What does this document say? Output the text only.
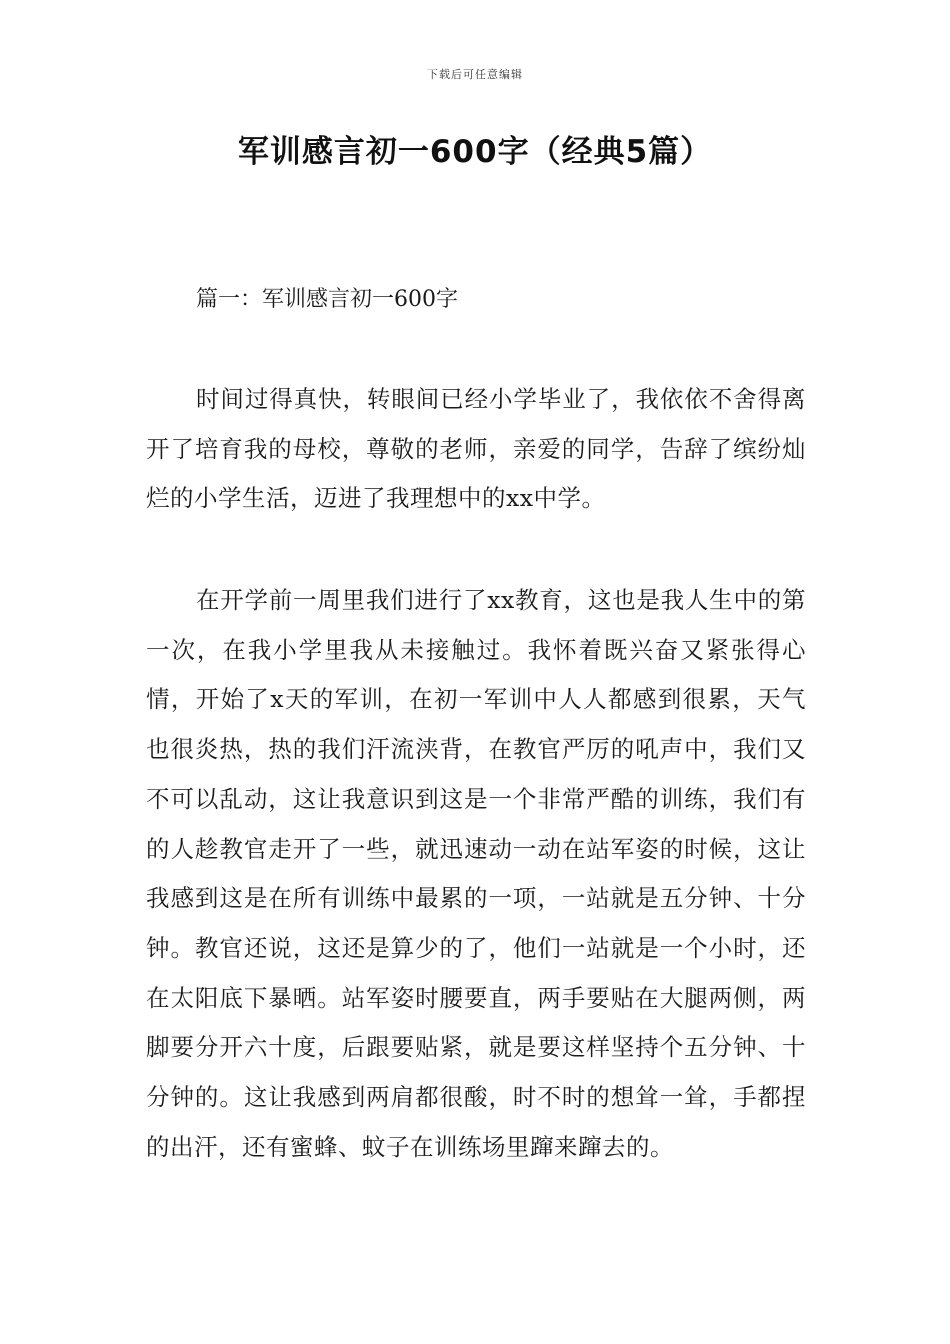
下载后可任意编辑
军训感言初一600字（经典5篇）
篇一：军训感言初一600字

时间过得真快，转眼间已经小学毕业了，我依依不舍得离开了培育我的母校，尊敬的老师，亲爱的同学，告辞了缤纷灿烂的小学生活，迈进了我理想中的xx中学。

在开学前一周里我们进行了xx教育，这也是我人生中的第一次，在我小学里我从未接触过。我怀着既兴奋又紧张得心情，开始了x天的军训，在初一军训中人人都感到很累，天气也很炎热，热的我们汗流浃背，在教官严厉的吼声中，我们又不可以乱动，这让我意识到这是一个非常严酷的训练，我们有的人趁教官走开了一些，就迅速动一动在站军姿的时候，这让我感到这是在所有训练中最累的一项，一站就是五分钟、十分钟。教官还说，这还是算少的了，他们一站就是一个小时，还在太阳底下暴晒。站军姿时腰要直，两手要贴在大腿两侧，两脚要分开六十度，后跟要贴紧，就是要这样坚持个五分钟、十分钟的。这让我感到两肩都很酸，时不时的想耸一耸，手都捏的出汗，还有蜜蜂、蚊子在训练场里蹿来蹿去的。
